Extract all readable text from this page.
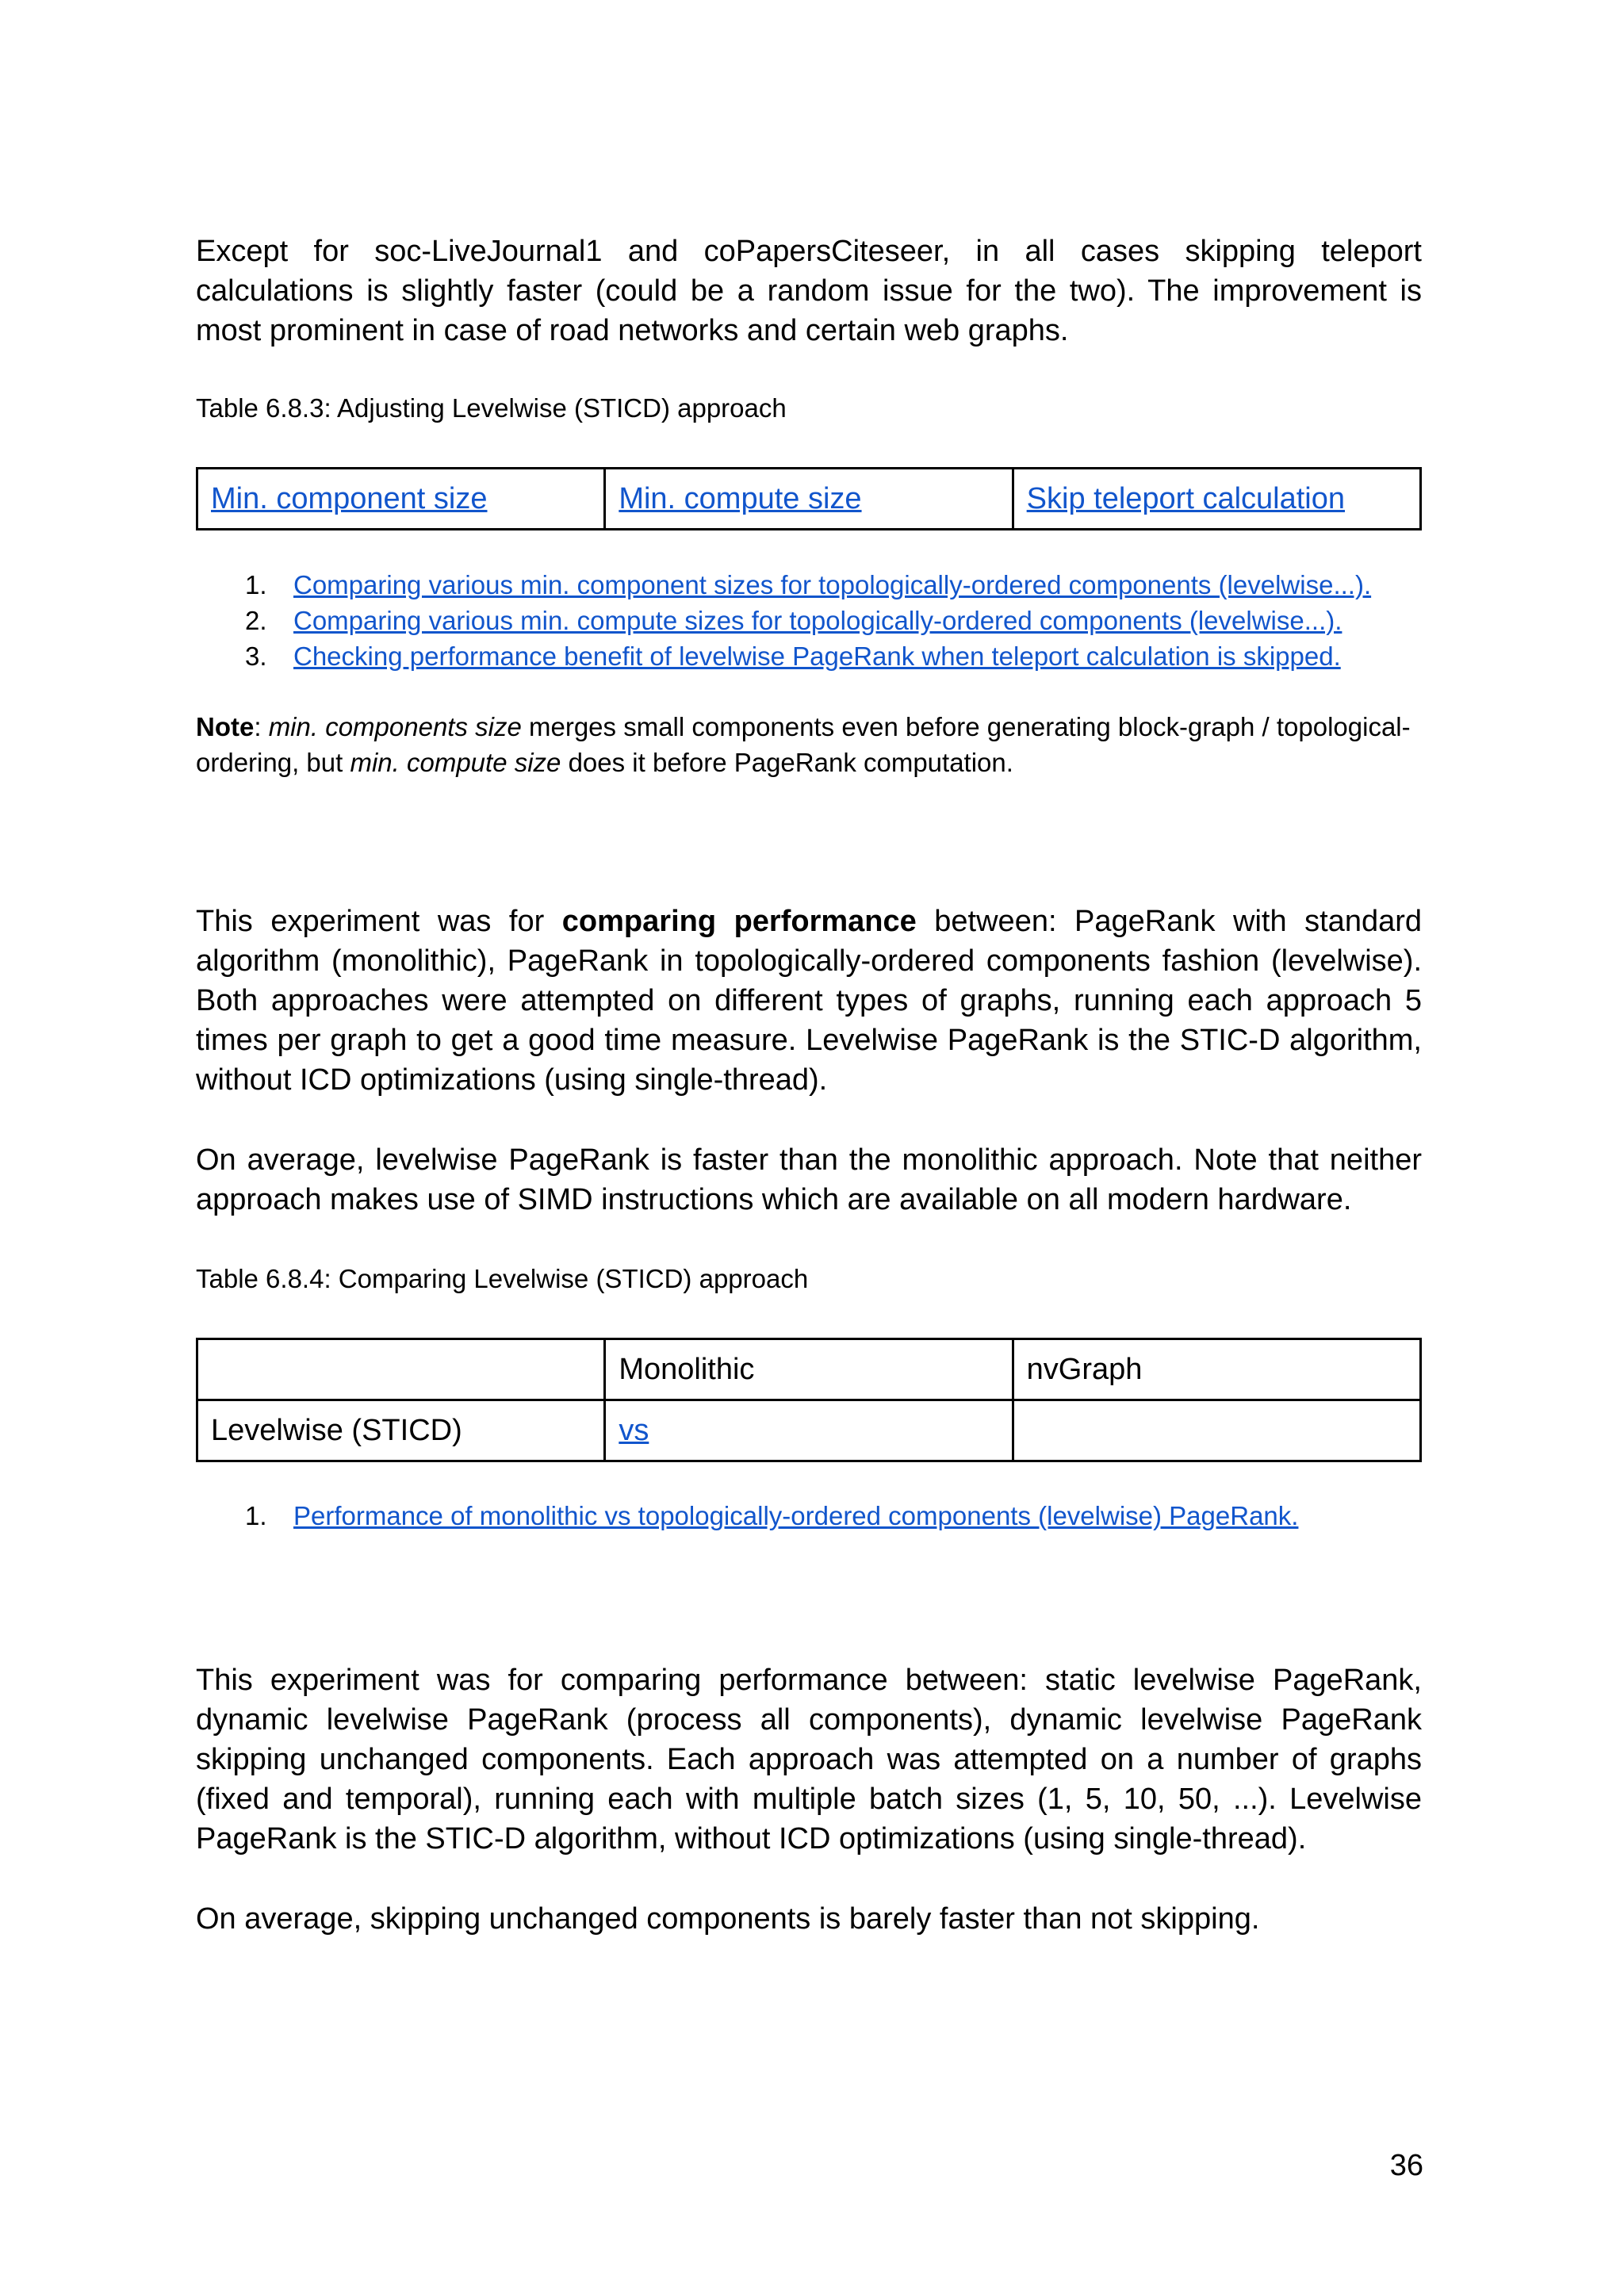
Except for soc-LiveJournal1 and coPapersCiteseer, in all cases skipping teleport calculations is slightly faster (could be a random issue for the two). The improvement is most prominent in case of road networks and certain web graphs.

Table 6.8.3: Adjusting Levelwise (STICD) approach

Min. component size	Min. compute size	Skip teleport calculation
1. Comparing various min. component sizes for topologically-ordered components (levelwise...).
2. Comparing various min. compute sizes for topologically-ordered components (levelwise...).
3. Checking performance benefit of levelwise PageRank when teleport calculation is skipped.

Note: min. components size merges small components even before generating block-graph / topological-ordering, but min. compute size does it before PageRank computation.

This experiment was for comparing performance between: PageRank with standard algorithm (monolithic), PageRank in topologically-ordered components fashion (levelwise). Both approaches were attempted on different types of graphs, running each approach 5 times per graph to get a good time measure. Levelwise PageRank is the STIC-D algorithm, without ICD optimizations (using single-thread).

On average, levelwise PageRank is faster than the monolithic approach. Note that neither approach makes use of SIMD instructions which are available on all modern hardware.

Table 6.8.4: Comparing Levelwise (STICD) approach

	Monolithic	nvGraph
Levelwise (STICD)	vs	
1. Performance of monolithic vs topologically-ordered components (levelwise) PageRank.

This experiment was for comparing performance between: static levelwise PageRank, dynamic levelwise PageRank (process all components), dynamic levelwise PageRank skipping unchanged components. Each approach was attempted on a number of graphs (fixed and temporal), running each with multiple batch sizes (1, 5, 10, 50, ...). Levelwise PageRank is the STIC-D algorithm, without ICD optimizations (using single-thread).

On average, skipping unchanged components is barely faster than not skipping.

36
